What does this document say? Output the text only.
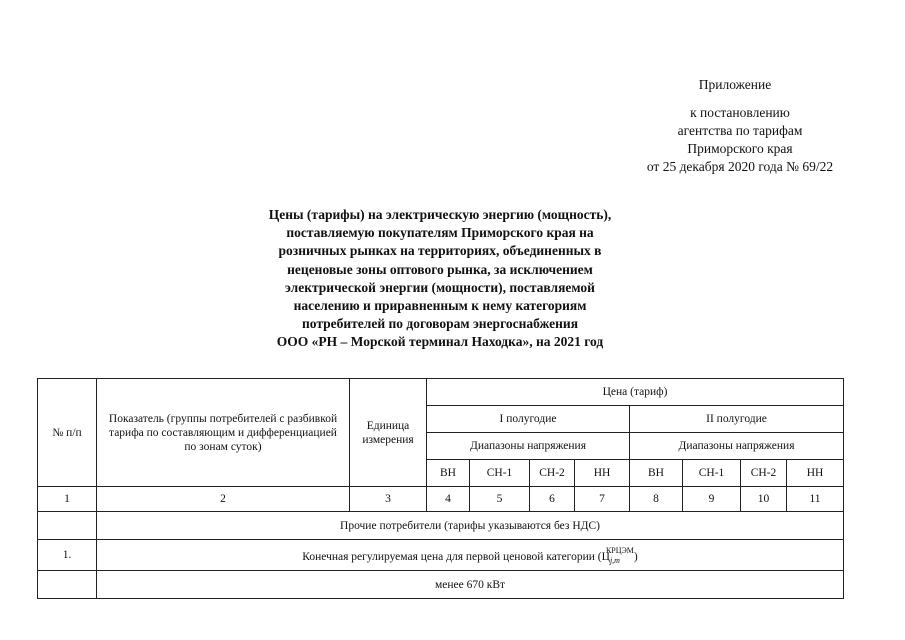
Приложение
к постановлению
агентства по тарифам
Приморского края
от 25 декабря 2020 года № 69/22
Цены (тарифы) на электрическую энергию (мощность),
поставляемую покупателям Приморского края на
розничных рынках на территориях, объединенных в
неценовые зоны оптового рынка, за исключением
электрической энергии (мощности), поставляемой
населению и приравненным к нему категориям
потребителей по договорам энергоснабжения
ООО «РН – Морской терминал Находка», на 2021 год
№ п/п	Показатель (группы потребителей с разбивкой тарифа по составляющим и дифференциацией по зонам суток)	Единица измерения	Цена (тариф)							
			I полугодие				II полугодие			
			Диапазоны напряжения				Диапазоны напряжения			
			ВН	СН-1	СН-2	НН	ВН	СН-1	СН-2	НН
1	2	3	4	5	6	7	8	9	10	11
	Прочие потребители (тарифы указываются без НДС)									
1.	Конечная регулируемая цена для первой ценовой категории $(Ц_{j,m}^{КРЦЭМ})$									
	менее 670 кВт									
